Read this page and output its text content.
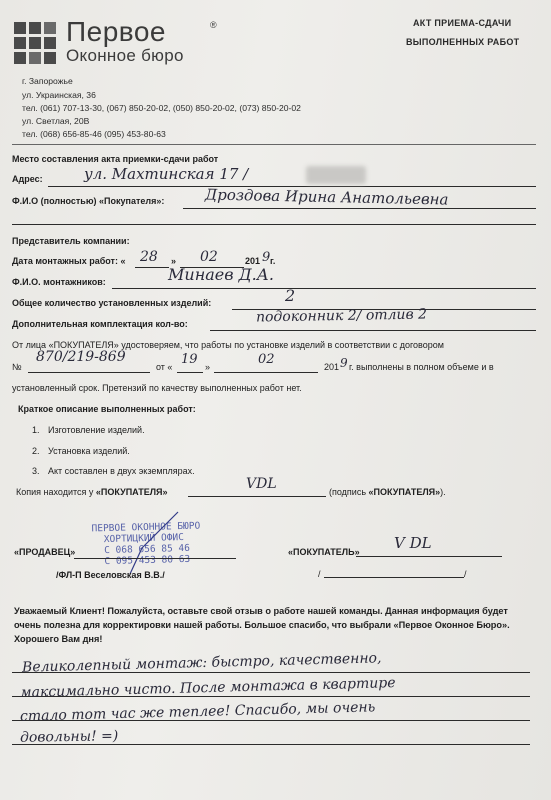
Первое
Оконное бюро
®	АКТ ПРИЕМА-СДАЧИ
ВЫПОЛНЕННЫХ РАБОТ
г. Запорожье
ул. Украинская, 36
тел. (061) 707-13-30, (067) 850-20-02, (050) 850-20-02, (073) 850-20-02
ул. Светлая, 20В
тел. (068) 656-85-46 (095) 453-80-63
Место составления акта приемки-сдачи работ
Адрес:	ул. Махтинская 17 /
Ф.И.О (полностью) «Покупателя»:	Дроздова Ирина Анатольевна
Представитель компании:
Дата монтажных работ: « 28 » 02	201 9 г.
Ф.И.О. монтажников:	Минаев Д.А.
Общее количество установленных изделий:	2
Дополнительная комплектация кол-во:	подоконник 2/ отлив 2
От лица «ПОКУПАТЕЛЯ» удостоверяем, что работы по установке изделий в соответствии с договором
№
870/219-869
от « 19 »	02	201 9 г. выполнены в полном объеме и в
установленный срок. Претензий по качеству выполненных работ нет.
Краткое описание выполненных работ:
1. Изготовление изделий.
2. Установка изделий.
3. Акт составлен в двух экземплярах.
Копия находится у «ПОКУПАТЕЛЯ»	VDL	(подпись «ПОКУПАТЕЛЯ»).
ПЕРВОЕ ОКОННОЕ БЮРО
ХОРТИЦКИЙ ОФИС
С 068 656 85 46
С 095 453 80 63
«ПРОДАВЕЦ»
/ФЛ-П Веселовская В.В./
«ПОКУПАТЕЛЬ» V DL
/	/
Уважаемый Клиент! Пожалуйста, оставьте свой отзыв о работе нашей команды. Данная информация будет очень полезна для корректировки нашей работы. Большое спасибо, что выбрали «Первое Оконное Бюро». Хорошего Вам дня!
Великолепный монтаж: быстро, качественно,
максимально чисто. После монтажа в квартире
стало тот час же теплее! Спасибо, мы очень
довольны! =)
